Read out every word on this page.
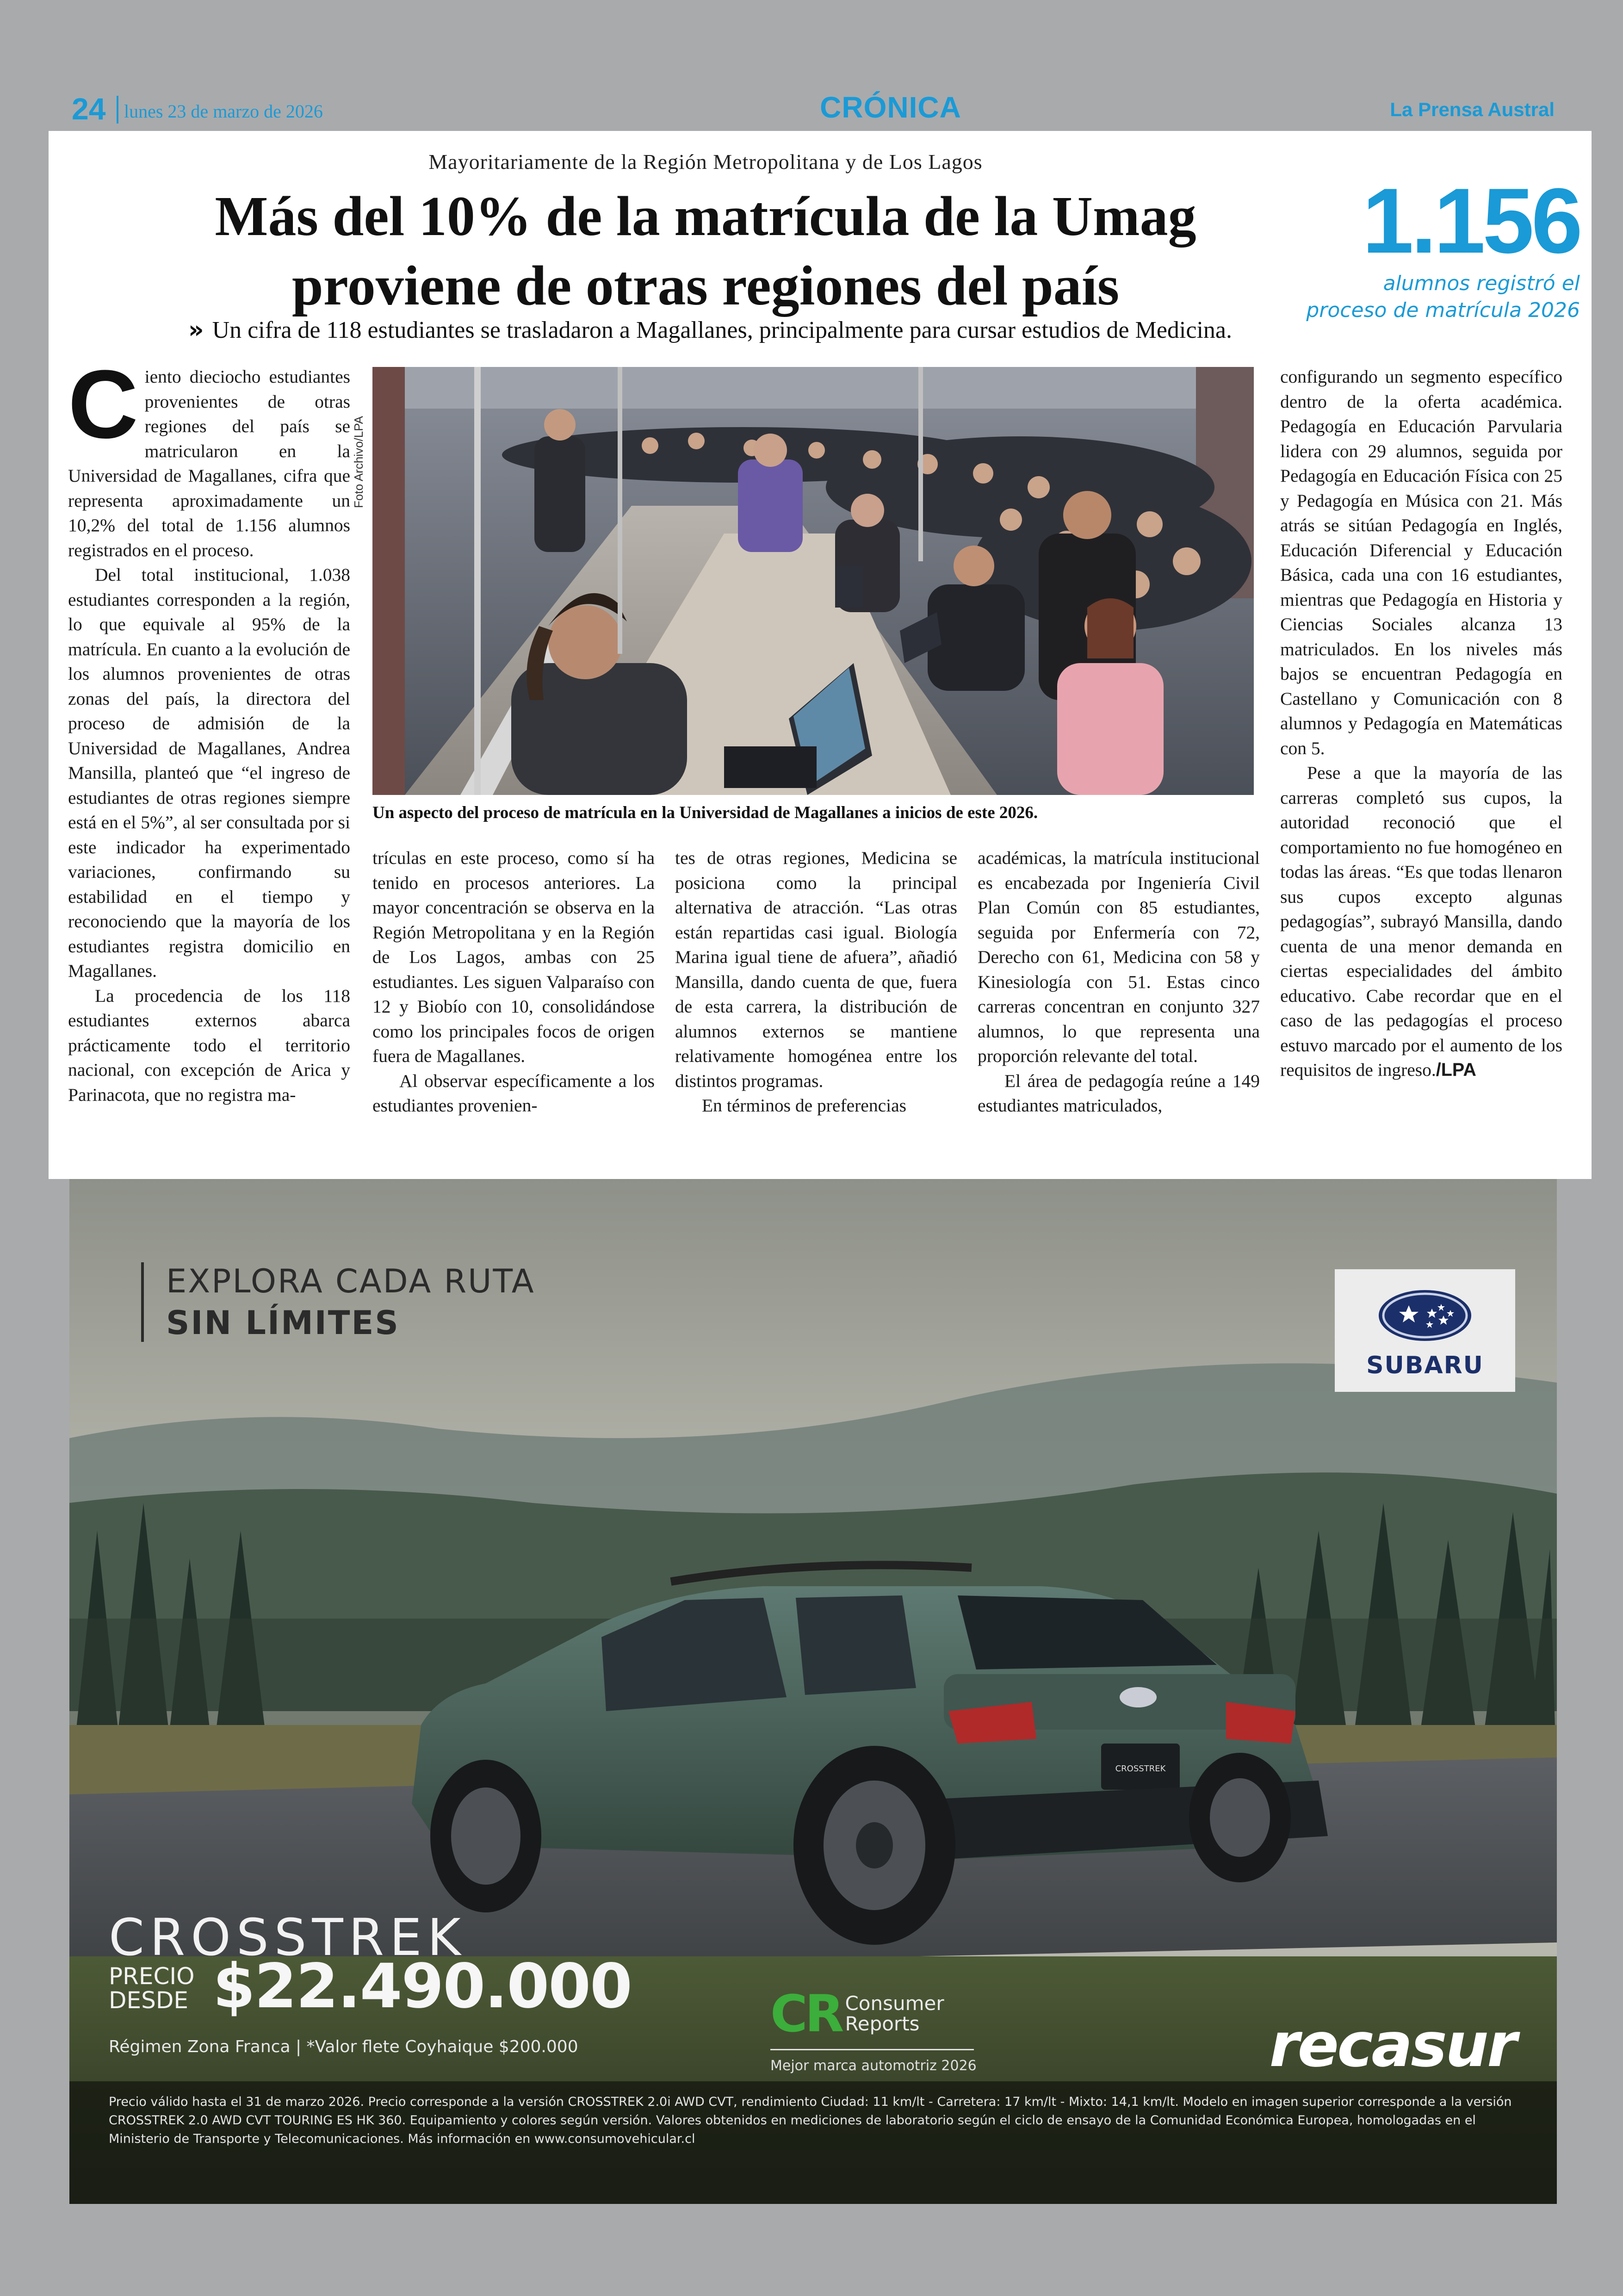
24 lunes 23 de marzo de 2026	CRÓNICA	La Prensa Austral
Mayoritariamente de la Región Metropolitana y de Los Lagos
Más del 10% de la matrícula de la Umag
proviene de otras regiones del país
» Un cifra de 118 estudiantes se trasladaron a Magallanes, principalmente para cursar estudios de Medicina.
1.156
alumnos registró el
proceso de matrícula 2026

Ciento dieciocho estudiantes provenientes de otras regiones del país se matricularon en la Universidad de Magallanes, cifra que representa aproximadamente un 10,2% del total de 1.156 alumnos registrados en el proceso.

Del total institucional, 1.038 estudiantes corresponden a la región, lo que equivale al 95% de la matrícula. En cuanto a la evolución de los alumnos provenientes de otras zonas del país, la directora del proceso de admisión de la Universidad de Magallanes, Andrea Mansilla, planteó que “el ingreso de estudiantes de otras regiones siempre está en el 5%”, al ser consultada por si este indicador ha experimentado variaciones, confirmando su estabilidad en el tiempo y reconociendo que la mayoría de los estudiantes registra domicilio en Magallanes.

La procedencia de los 118 estudiantes externos abarca prácticamente todo el territorio nacional, con excepción de Arica y Parinacota, que no registra ma-

Foto Archivo/LPA
Un aspecto del proceso de matrícula en la Universidad de Magallanes a inicios de este 2026.

trículas en este proceso, como sí ha tenido en procesos anteriores. La mayor concentración se observa en la Región Metropolitana y en la Región de Los Lagos, ambas con 25 estudiantes. Les siguen Valparaíso con 12 y Biobío con 10, consolidándose como los principales focos de origen fuera de Magallanes.

Al observar específicamente a los estudiantes provenien-

tes de otras regiones, Medicina se posiciona como la principal alternativa de atracción. “Las otras están repartidas casi igual. Biología Marina igual tiene de afuera”, añadió Mansilla, dando cuenta de que, fuera de esta carrera, la distribución de alumnos externos se mantiene relativamente homogénea entre los distintos programas.

En términos de preferencias

académicas, la matrícula institucional es encabezada por Ingeniería Civil Plan Común con 85 estudiantes, seguida por Enfermería con 72, Derecho con 61, Medicina con 58 y Kinesiología con 51. Estas cinco carreras concentran en conjunto 327 alumnos, lo que representa una proporción relevante del total.

El área de pedagogía reúne a 149 estudiantes matriculados,

configurando un segmento específico dentro de la oferta académica. Pedagogía en Educación Parvularia lidera con 29 alumnos, seguida por Pedagogía en Educación Física con 25 y Pedagogía en Música con 21. Más atrás se sitúan Pedagogía en Inglés, Educación Diferencial y Educación Básica, cada una con 16 estudiantes, mientras que Pedagogía en Historia y Ciencias Sociales alcanza 13 matriculados. En los niveles más bajos se encuentran Pedagogía en Castellano y Comunicación con 8 alumnos y Pedagogía en Matemáticas con 5.

Pese a que la mayoría de las carreras completó sus cupos, la autoridad reconoció que el comportamiento no fue homogéneo en todas las áreas. “Es que todas llenaron sus cupos excepto algunas pedagogías”, subrayó Mansilla, dando cuenta de una menor demanda en ciertas especialidades del ámbito educativo. Cabe recordar que en el caso de las pedagogías el proceso estuvo marcado por el aumento de los requisitos de ingreso./LPA

CROSSTREK
EXPLORA CADA RUTA
SIN LÍMITES
SUBARU
CROSSTREK
PRECIO
DESDE $22.490.000
Régimen Zona Franca | *Valor flete Coyhaique $200.000
CR Consumer
Reports
Mejor marca automotriz 2026	recasur
Precio válido hasta el 31 de marzo 2026. Precio corresponde a la versión CROSSTREK 2.0i AWD CVT, rendimiento Ciudad: 11 km/lt - Carretera: 17 km/lt - Mixto: 14,1 km/lt. Modelo en imagen superior corresponde a la versión CROSSTREK 2.0 AWD CVT TOURING ES HK 360. Equipamiento y colores según versión. Valores obtenidos en mediciones de laboratorio según el ciclo de ensayo de la Comunidad Económica Europea, homologadas en el Ministerio de Transporte y Telecomunicaciones. Más información en www.consumovehicular.cl
